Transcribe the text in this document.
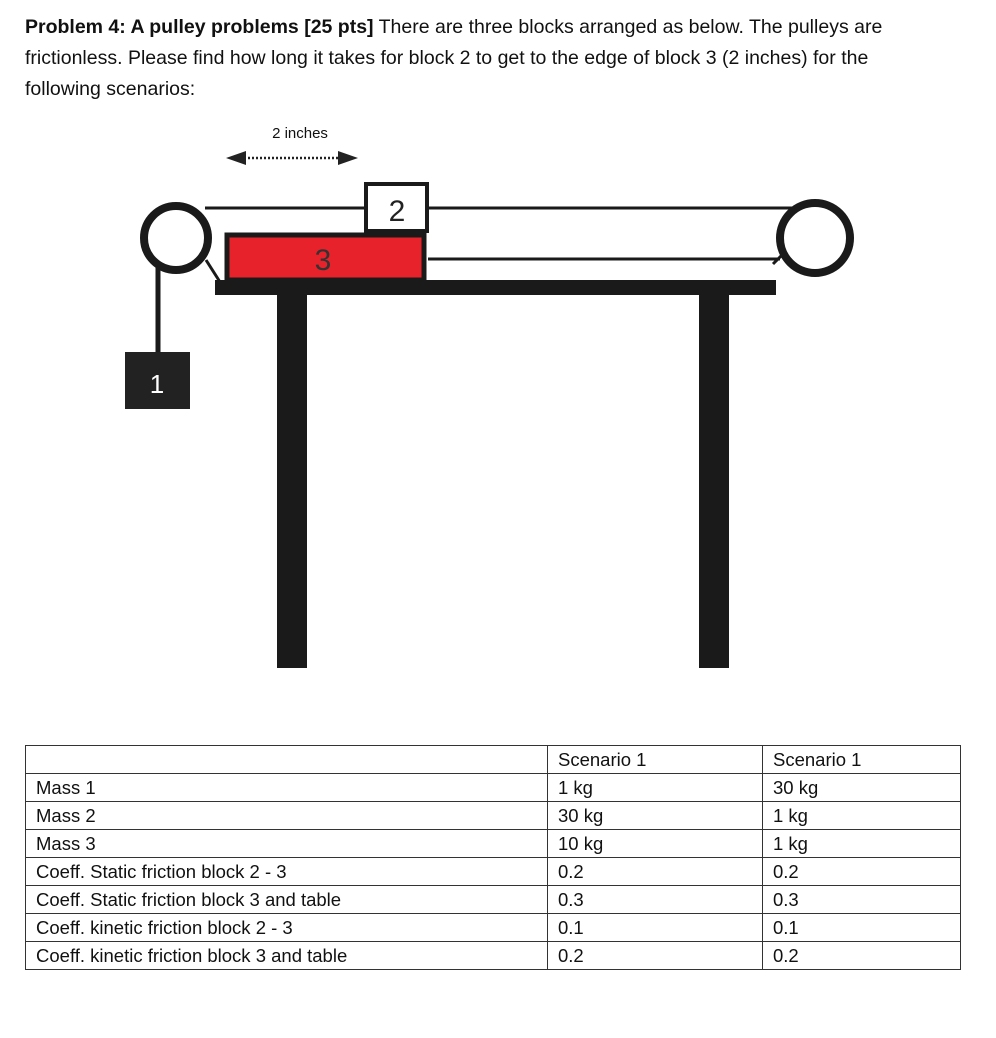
Problem 4: A pulley problems [25 pts] There are three blocks arranged as below. The pulleys are frictionless. Please find how long it takes for block 2 to get to the edge of block 3 (2 inches) for the following scenarios:

2 inches
3
2
1
	Scenario 1	Scenario 1
Mass 1	1 kg	30 kg
Mass 2	30 kg	1 kg
Mass 3	10 kg	1 kg
Coeff. Static friction block 2 - 3	0.2	0.2
Coeff. Static friction block 3 and table	0.3	0.3
Coeff. kinetic friction block 2 - 3	0.1	0.1
Coeff. kinetic friction block 3 and table	0.2	0.2
